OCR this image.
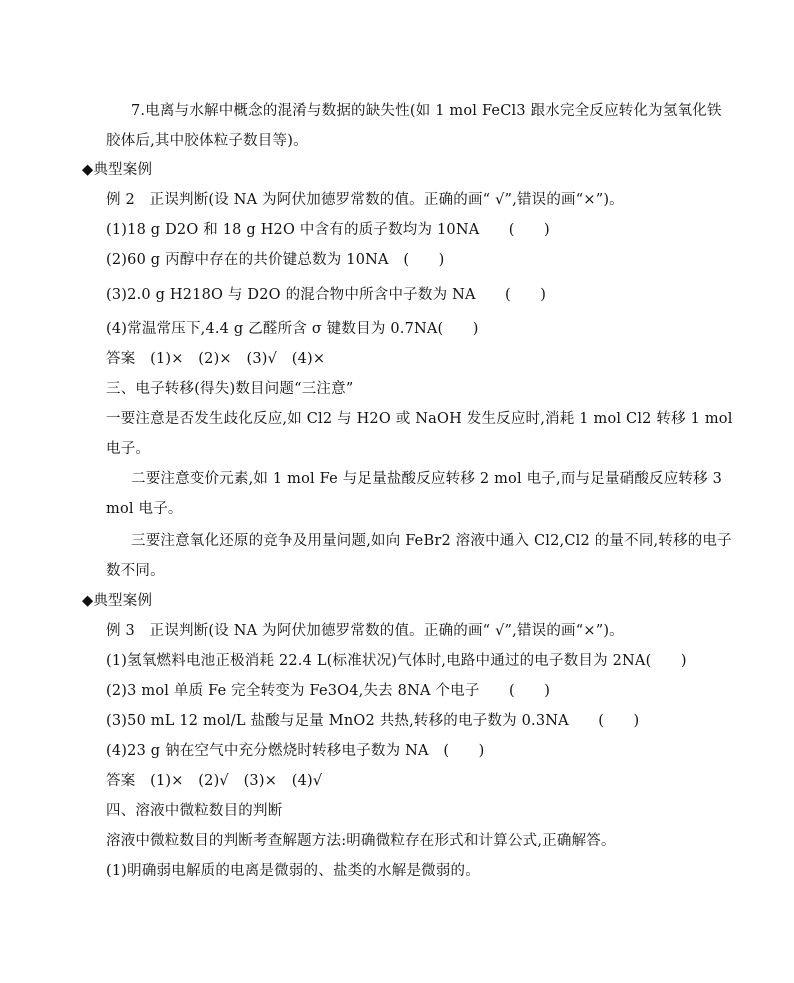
7.电离与水解中概念的混淆与数据的缺失性(如 1 mol FeCl3 跟水完全反应转化为氢氧化铁
胶体后,其中胶体粒子数目等)。
◆典型案例
例 2　正误判断(设 NA 为阿伏加德罗常数的值。正确的画“ √”,错误的画“×”)。
(1)18 g D2O 和 18 g H2O 中含有的质子数均为 10NA　　(　　)
(2)60 g 丙醇中存在的共价键总数为 10NA　(　　)
(3)2.0 g H218O 与 D2O 的混合物中所含中子数为 NA　　(　　)
(4)常温常压下,4.4 g 乙醛所含 σ 键数目为 0.7NA(　　)
答案　(1)×　(2)×　(3)√　(4)×
三、电子转移(得失)数目问题“三注意”
一要注意是否发生歧化反应,如 Cl2 与 H2O 或 NaOH 发生反应时,消耗 1 mol Cl2 转移 1 mol
电子。
二要注意变价元素,如 1 mol Fe 与足量盐酸反应转移 2 mol 电子,而与足量硝酸反应转移 3
mol 电子。
三要注意氧化还原的竞争及用量问题,如向 FeBr2 溶液中通入 Cl2,Cl2 的量不同,转移的电子
数不同。
◆典型案例
例 3　正误判断(设 NA 为阿伏加德罗常数的值。正确的画“ √”,错误的画“×”)。
(1)氢氧燃料电池正极消耗 22.4 L(标准状况)气体时,电路中通过的电子数目为 2NA(　　)
(2)3 mol 单质 Fe 完全转变为 Fe3O4,失去 8NA 个电子　　(　　)
(3)50 mL 12 mol/L 盐酸与足量 MnO2 共热,转移的电子数为 0.3NA　　(　　)
(4)23 g 钠在空气中充分燃烧时转移电子数为 NA　(　　)
答案　(1)×　(2)√　(3)×　(4)√
四、溶液中微粒数目的判断
溶液中微粒数目的判断考查解题方法:明确微粒存在形式和计算公式,正确解答。
(1)明确弱电解质的电离是微弱的、盐类的水解是微弱的。
